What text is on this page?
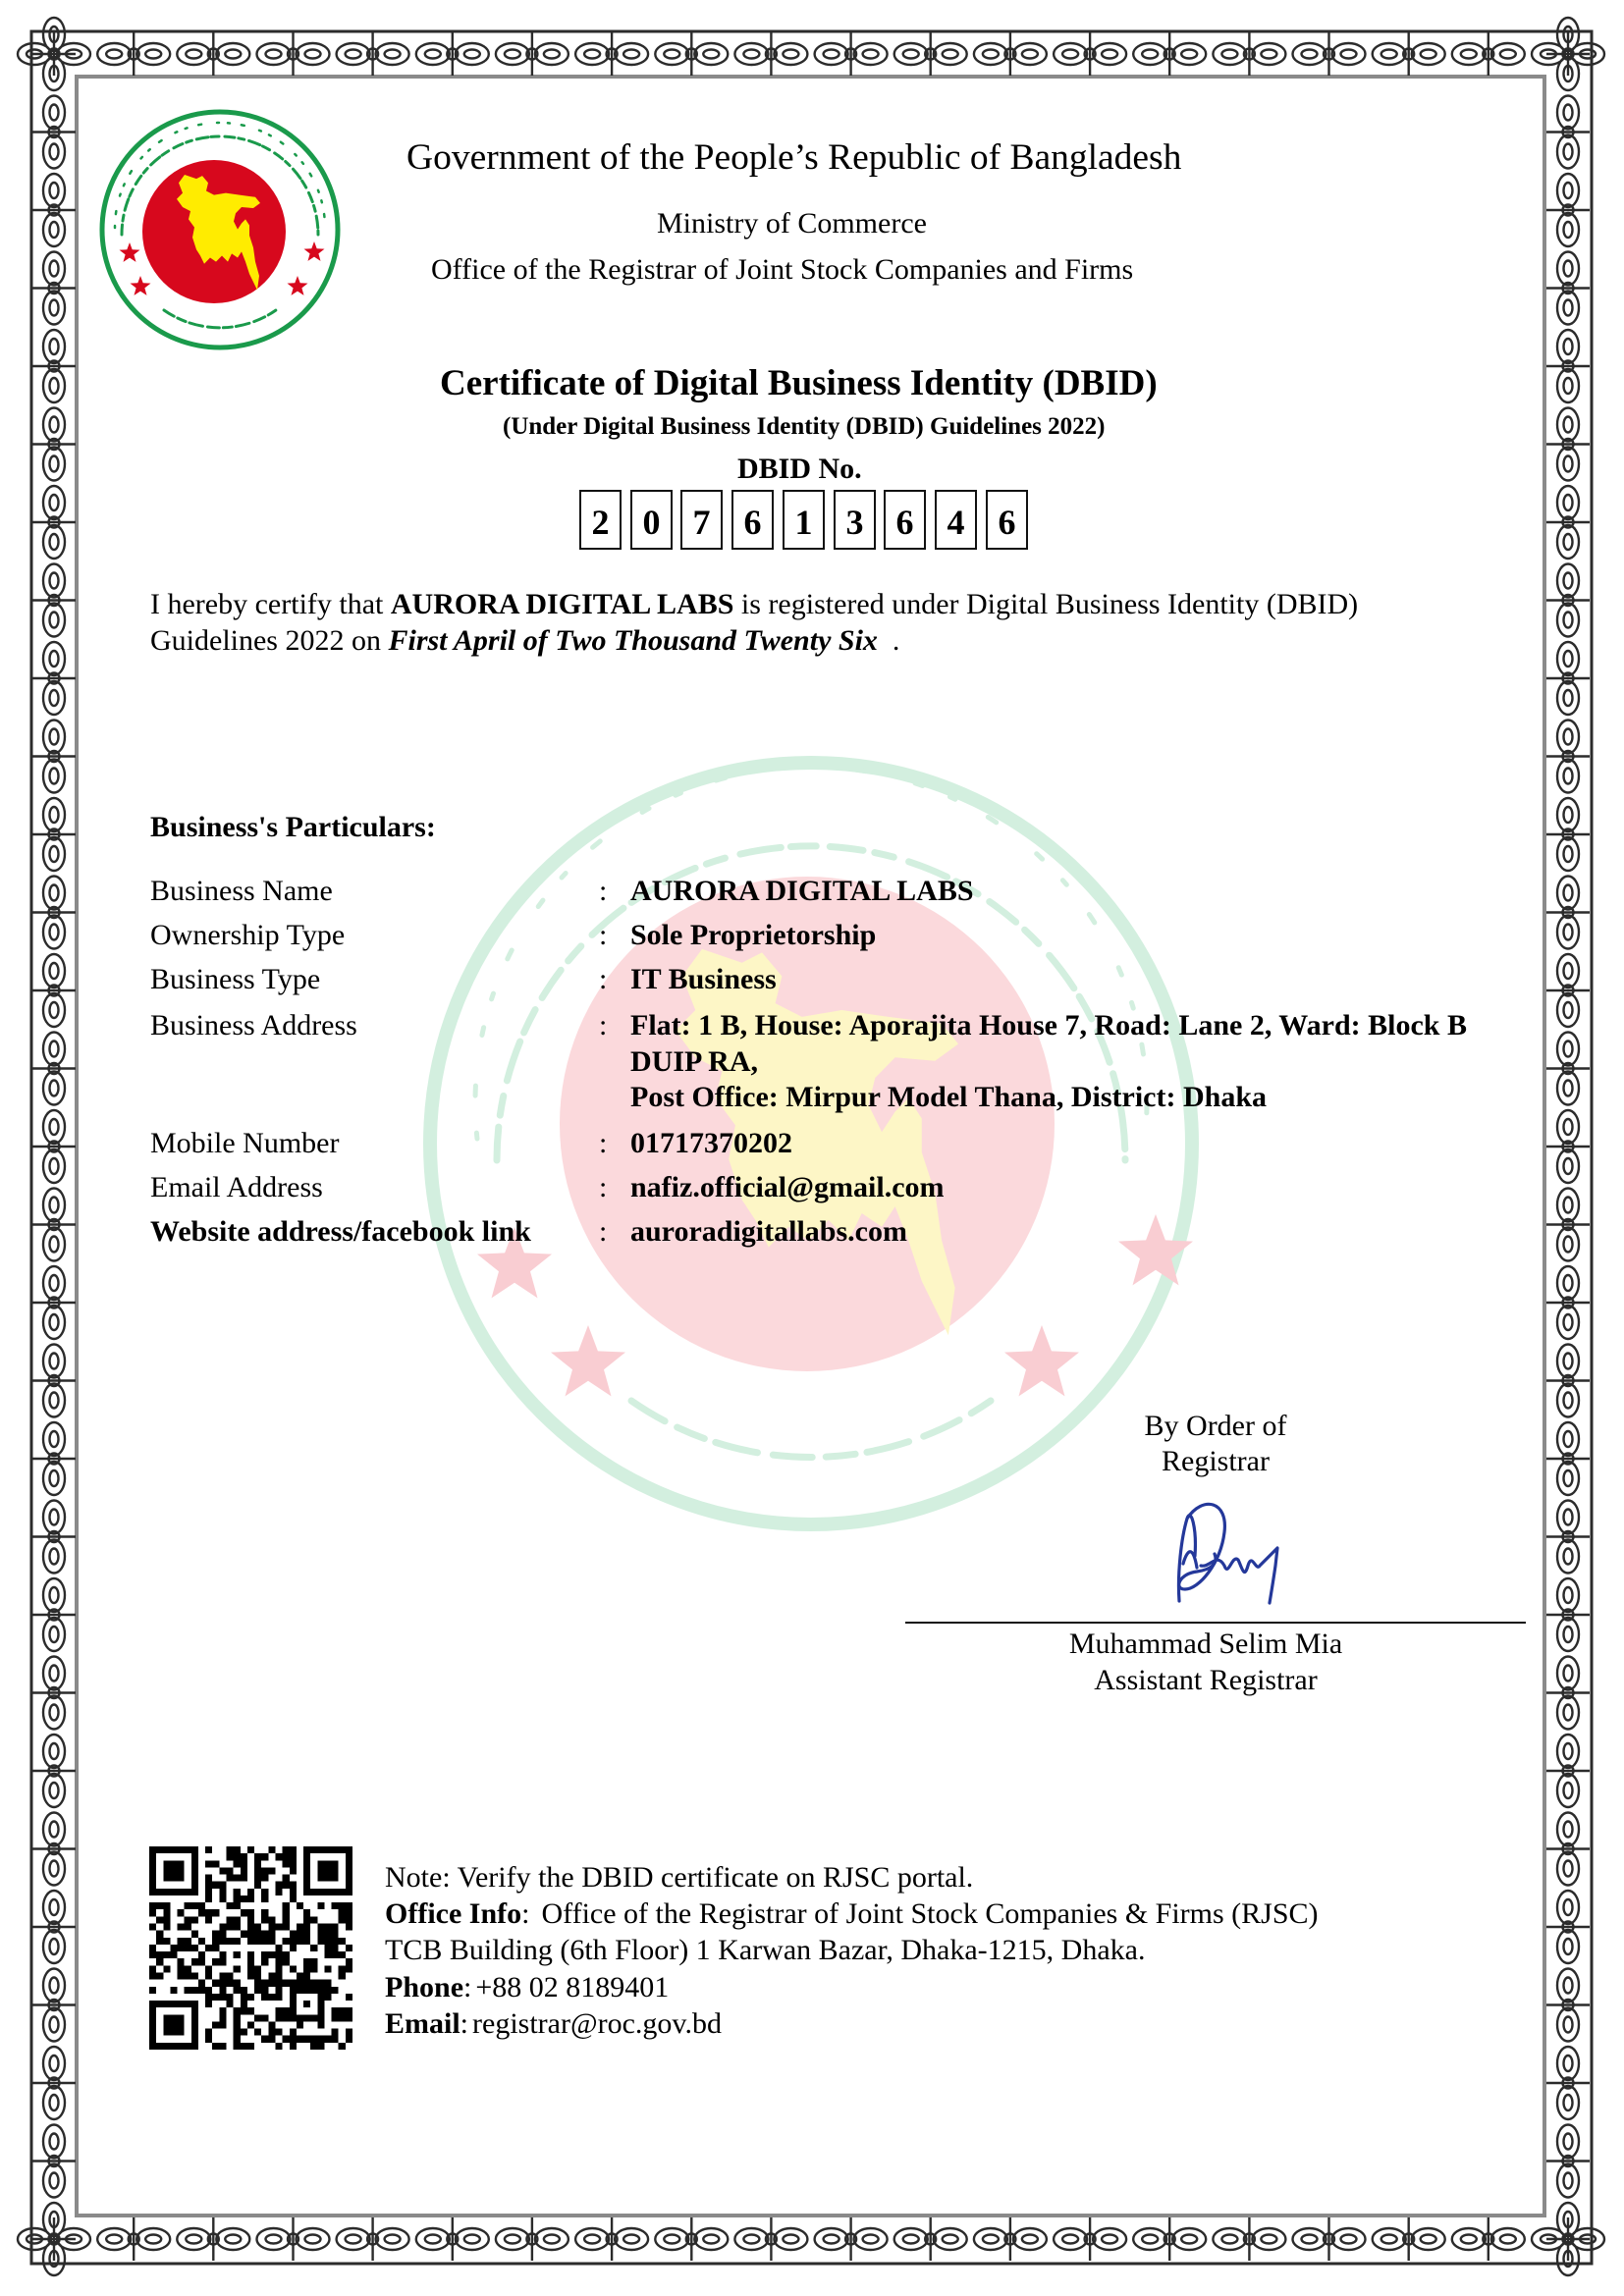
Government of the People’s Republic of Bangladesh
Ministry of Commerce
Office of the Registrar of Joint Stock Companies and Firms
Certificate of Digital Business Identity (DBID)
(Under Digital Business Identity (DBID) Guidelines 2022)
DBID No.
2 0 7 6 1 3 6 4 6
I hereby certify that AURORA DIGITAL LABS is registered under Digital Business Identity (DBID)
Guidelines 2022 on First April of Two Thousand Twenty Six  .
Business's Particulars:
Business Name	: AURORA DIGITAL LABS
Ownership Type	: Sole Proprietorship
Business Type	: IT Business
Business Address	: Flat: 1 B, House: Aporajita House 7, Road: Lane 2, Ward: Block B
DUIP RA,
Post Office: Mirpur Model Thana, District: Dhaka
Mobile Number	: 01717370202
Email Address	: nafiz.official@gmail.com
Website address/facebook link : auroradigitallabs.com
By Order of
Registrar
Muhammad Selim Mia
Assistant Registrar
Note: Verify the DBID certificate on RJSC portal.
Office Info: Office of the Registrar of Joint Stock Companies & Firms (RJSC)
TCB Building (6th Floor) 1 Karwan Bazar, Dhaka-1215, Dhaka.
Phone: +88 02 8189401
Email: registrar@roc.gov.bd
